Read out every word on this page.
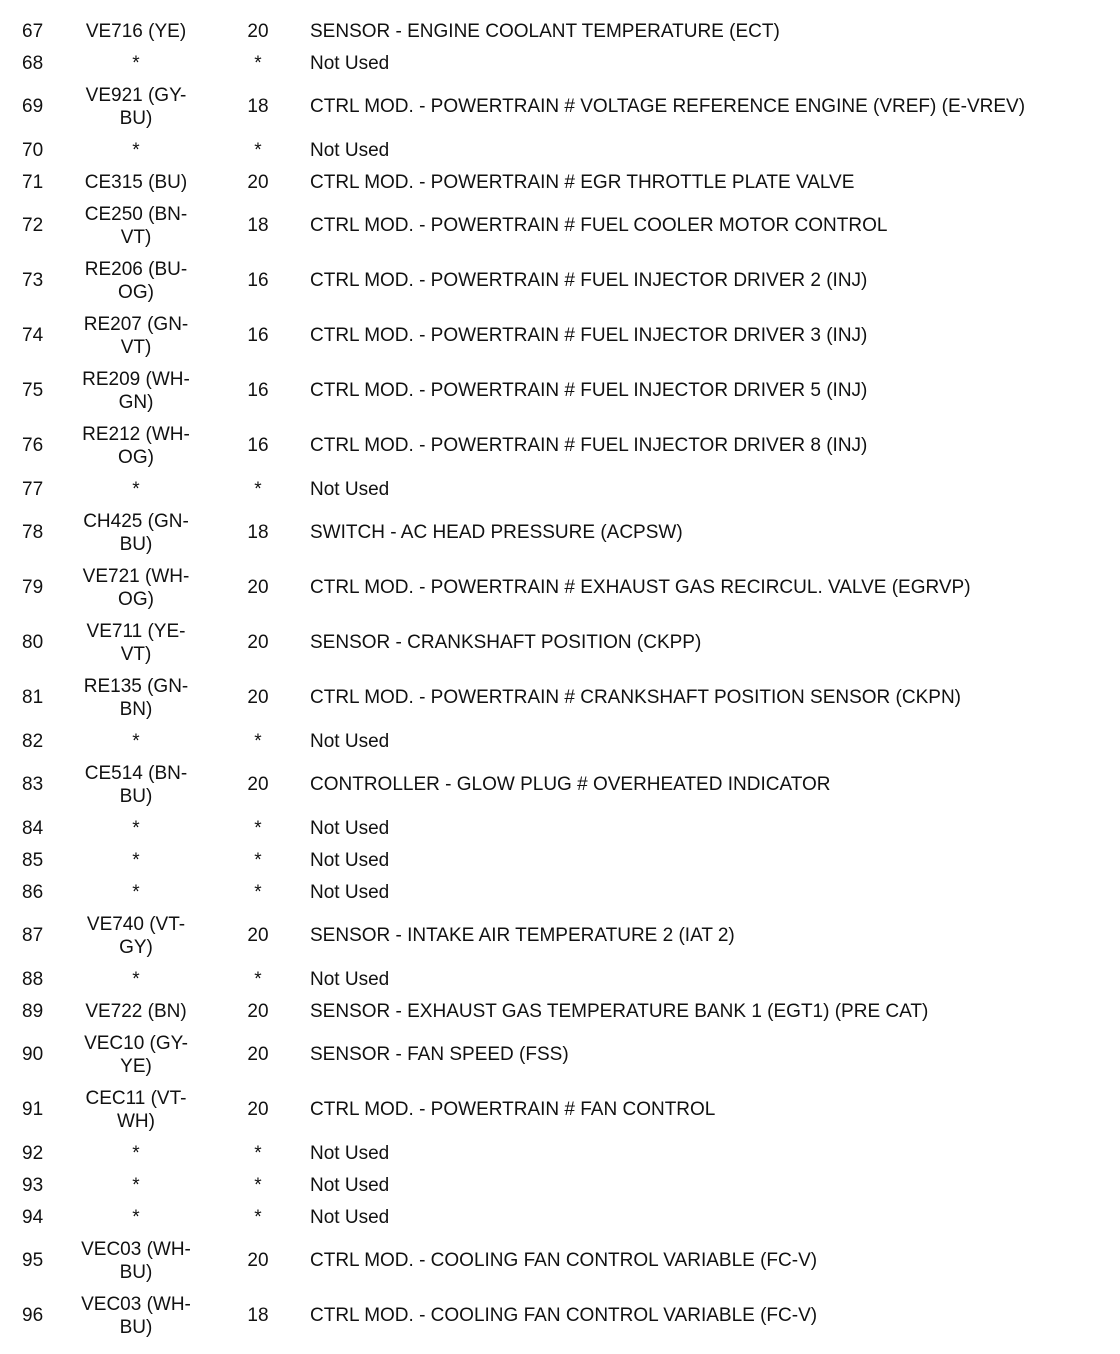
67	VE716 (YE)	20	SENSOR - ENGINE COOLANT TEMPERATURE (ECT)
68	*	*	Not Used
69	VE921 (GY-BU)	18	CTRL MOD. - POWERTRAIN # VOLTAGE REFERENCE ENGINE (VREF) (E-VREV)
70	*	*	Not Used
71	CE315 (BU)	20	CTRL MOD. - POWERTRAIN # EGR THROTTLE PLATE VALVE
72	CE250 (BN-VT)	18	CTRL MOD. - POWERTRAIN # FUEL COOLER MOTOR CONTROL
73	RE206 (BU-OG)	16	CTRL MOD. - POWERTRAIN # FUEL INJECTOR DRIVER 2 (INJ)
74	RE207 (GN-VT)	16	CTRL MOD. - POWERTRAIN # FUEL INJECTOR DRIVER 3 (INJ)
75	RE209 (WH-GN)	16	CTRL MOD. - POWERTRAIN # FUEL INJECTOR DRIVER 5 (INJ)
76	RE212 (WH-OG)	16	CTRL MOD. - POWERTRAIN # FUEL INJECTOR DRIVER 8 (INJ)
77	*	*	Not Used
78	CH425 (GN-BU)	18	SWITCH - AC HEAD PRESSURE (ACPSW)
79	VE721 (WH-OG)	20	CTRL MOD. - POWERTRAIN # EXHAUST GAS RECIRCUL. VALVE (EGRVP)
80	VE711 (YE-VT)	20	SENSOR - CRANKSHAFT POSITION (CKPP)
81	RE135 (GN-BN)	20	CTRL MOD. - POWERTRAIN # CRANKSHAFT POSITION SENSOR (CKPN)
82	*	*	Not Used
83	CE514 (BN-BU)	20	CONTROLLER - GLOW PLUG # OVERHEATED INDICATOR
84	*	*	Not Used
85	*	*	Not Used
86	*	*	Not Used
87	VE740 (VT-GY)	20	SENSOR - INTAKE AIR TEMPERATURE 2 (IAT 2)
88	*	*	Not Used
89	VE722 (BN)	20	SENSOR - EXHAUST GAS TEMPERATURE BANK 1 (EGT1) (PRE CAT)
90	VEC10 (GY-YE)	20	SENSOR - FAN SPEED (FSS)
91	CEC11 (VT-WH)	20	CTRL MOD. - POWERTRAIN # FAN CONTROL
92	*	*	Not Used
93	*	*	Not Used
94	*	*	Not Used
95	VEC03 (WH-BU)	20	CTRL MOD. - COOLING FAN CONTROL VARIABLE (FC-V)
96	VEC03 (WH-BU)	18	CTRL MOD. - COOLING FAN CONTROL VARIABLE (FC-V)
